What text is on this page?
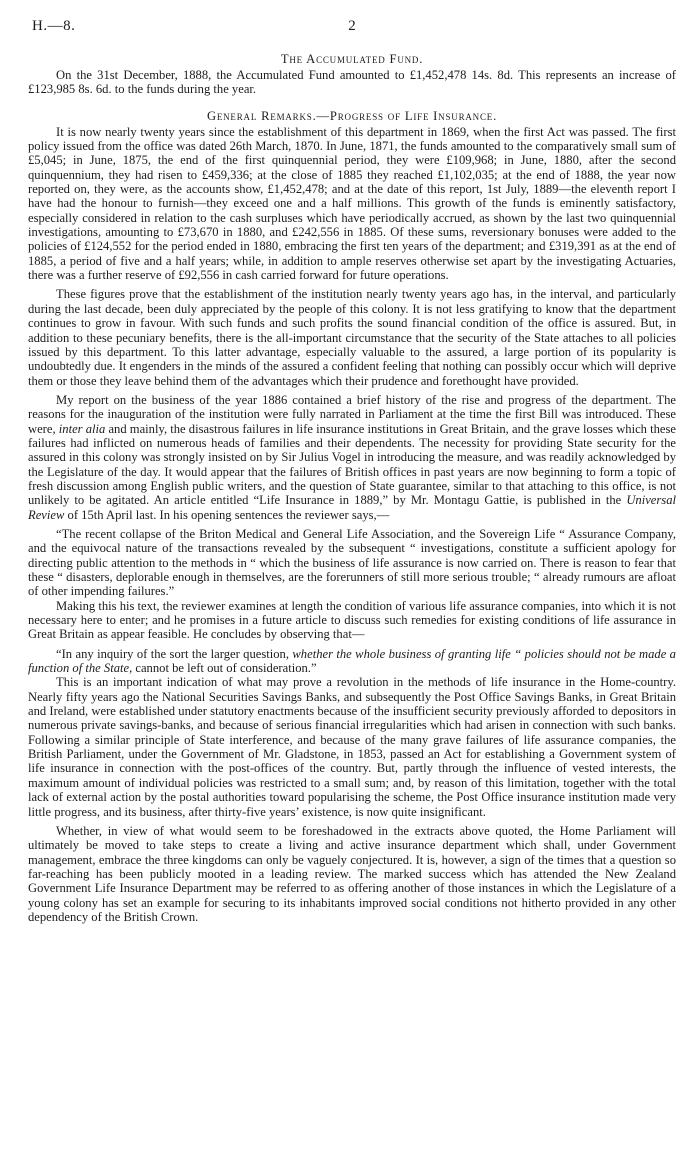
H.—8.	2
The Accumulated Fund.

On the 31st December, 1888, the Accumulated Fund amounted to £1,452,478 14s. 8d. This represents an increase of £123,985 8s. 6d. to the funds during the year.

General Remarks.—Progress of Life Insurance.

It is now nearly twenty years since the establishment of this department in 1869, when the first Act was passed. The first policy issued from the office was dated 26th March, 1870. In June, 1871, the funds amounted to the comparatively small sum of £5,045; in June, 1875, the end of the first quinquennial period, they were £109,968; in June, 1880, after the second quinquennium, they had risen to £459,336; at the close of 1885 they reached £1,102,035; at the end of 1888, the year now reported on, they were, as the accounts show, £1,452,478; and at the date of this report, 1st July, 1889—the eleventh report I have had the honour to furnish—they exceed one and a half millions. This growth of the funds is eminently satisfactory, especially considered in relation to the cash surpluses which have periodically accrued, as shown by the last two quinquennial investigations, amounting to £73,670 in 1880, and £242,556 in 1885. Of these sums, reversionary bonuses were added to the policies of £124,552 for the period ended in 1880, embracing the first ten years of the department; and £319,391 as at the end of 1885, a period of five and a half years; while, in addition to ample reserves otherwise set apart by the investigating Actuaries, there was a further reserve of £92,556 in cash carried forward for future operations.

These figures prove that the establishment of the institution nearly twenty years ago has, in the interval, and particularly during the last decade, been duly appreciated by the people of this colony. It is not less gratifying to know that the department continues to grow in favour. With such funds and such profits the sound financial condition of the office is assured. But, in addition to these pecuniary benefits, there is the all-important circumstance that the security of the State attaches to all policies issued by this department. To this latter advantage, especially valuable to the assured, a large portion of its popularity is undoubtedly due. It engenders in the minds of the assured a confident feeling that nothing can possibly occur which will deprive them or those they leave behind them of the advantages which their prudence and forethought have provided.

My report on the business of the year 1886 contained a brief history of the rise and progress of the department. The reasons for the inauguration of the institution were fully narrated in Parliament at the time the first Bill was introduced. These were, inter alia and mainly, the disastrous failures in life insurance institutions in Great Britain, and the grave losses which these failures had inflicted on numerous heads of families and their dependents. The necessity for providing State security for the assured in this colony was strongly insisted on by Sir Julius Vogel in introducing the measure, and was readily acknowledged by the Legislature of the day. It would appear that the failures of British offices in past years are now beginning to form a topic of fresh discussion among English public writers, and the question of State guarantee, similar to that attaching to this office, is not unlikely to be agitated. An article entitled “Life Insurance in 1889,” by Mr. Montagu Gattie, is published in the Universal Review of 15th April last. In his opening sentences the reviewer says,—

“The recent collapse of the Briton Medical and General Life Association, and the Sovereign Life “ Assurance Company, and the equivocal nature of the transactions revealed by the subsequent “ investigations, constitute a sufficient apology for directing public attention to the methods in “ which the business of life assurance is now carried on. There is reason to fear that these “ disasters, deplorable enough in themselves, are the forerunners of still more serious trouble; “ already rumours are afloat of other impending failures.”

Making this his text, the reviewer examines at length the condition of various life assurance companies, into which it is not necessary here to enter; and he promises in a future article to discuss such remedies for existing conditions of life assurance in Great Britain as appear feasible. He concludes by observing that—

“In any inquiry of the sort the larger question, whether the whole business of granting life “ policies should not be made a function of the State, cannot be left out of consideration.”

This is an important indication of what may prove a revolution in the methods of life insurance in the Home-country. Nearly fifty years ago the National Securities Savings Banks, and subsequently the Post Office Savings Banks, in Great Britain and Ireland, were established under statutory enactments because of the insufficient security previously afforded to depositors in numerous private savings-banks, and because of serious financial irregularities which had arisen in connection with such banks. Following a similar principle of State interference, and because of the many grave failures of life assurance companies, the British Parliament, under the Government of Mr. Gladstone, in 1853, passed an Act for establishing a Government system of life insurance in connection with the post-offices of the country. But, partly through the influence of vested interests, the maximum amount of individual policies was restricted to a small sum; and, by reason of this limitation, together with the total lack of external action by the postal authorities toward popularising the scheme, the Post Office insurance institution made very little progress, and its business, after thirty-five years’ existence, is now quite insignificant.

Whether, in view of what would seem to be foreshadowed in the extracts above quoted, the Home Parliament will ultimately be moved to take steps to create a living and active insurance department which shall, under Government management, embrace the three kingdoms can only be vaguely conjectured. It is, however, a sign of the times that a question so far-reaching has been publicly mooted in a leading review. The marked success which has attended the New Zealand Government Life Insurance Department may be referred to as offering another of those instances in which the Legislature of a young colony has set an example for securing to its inhabitants improved social conditions not hitherto provided in any other dependency of the British Crown.
